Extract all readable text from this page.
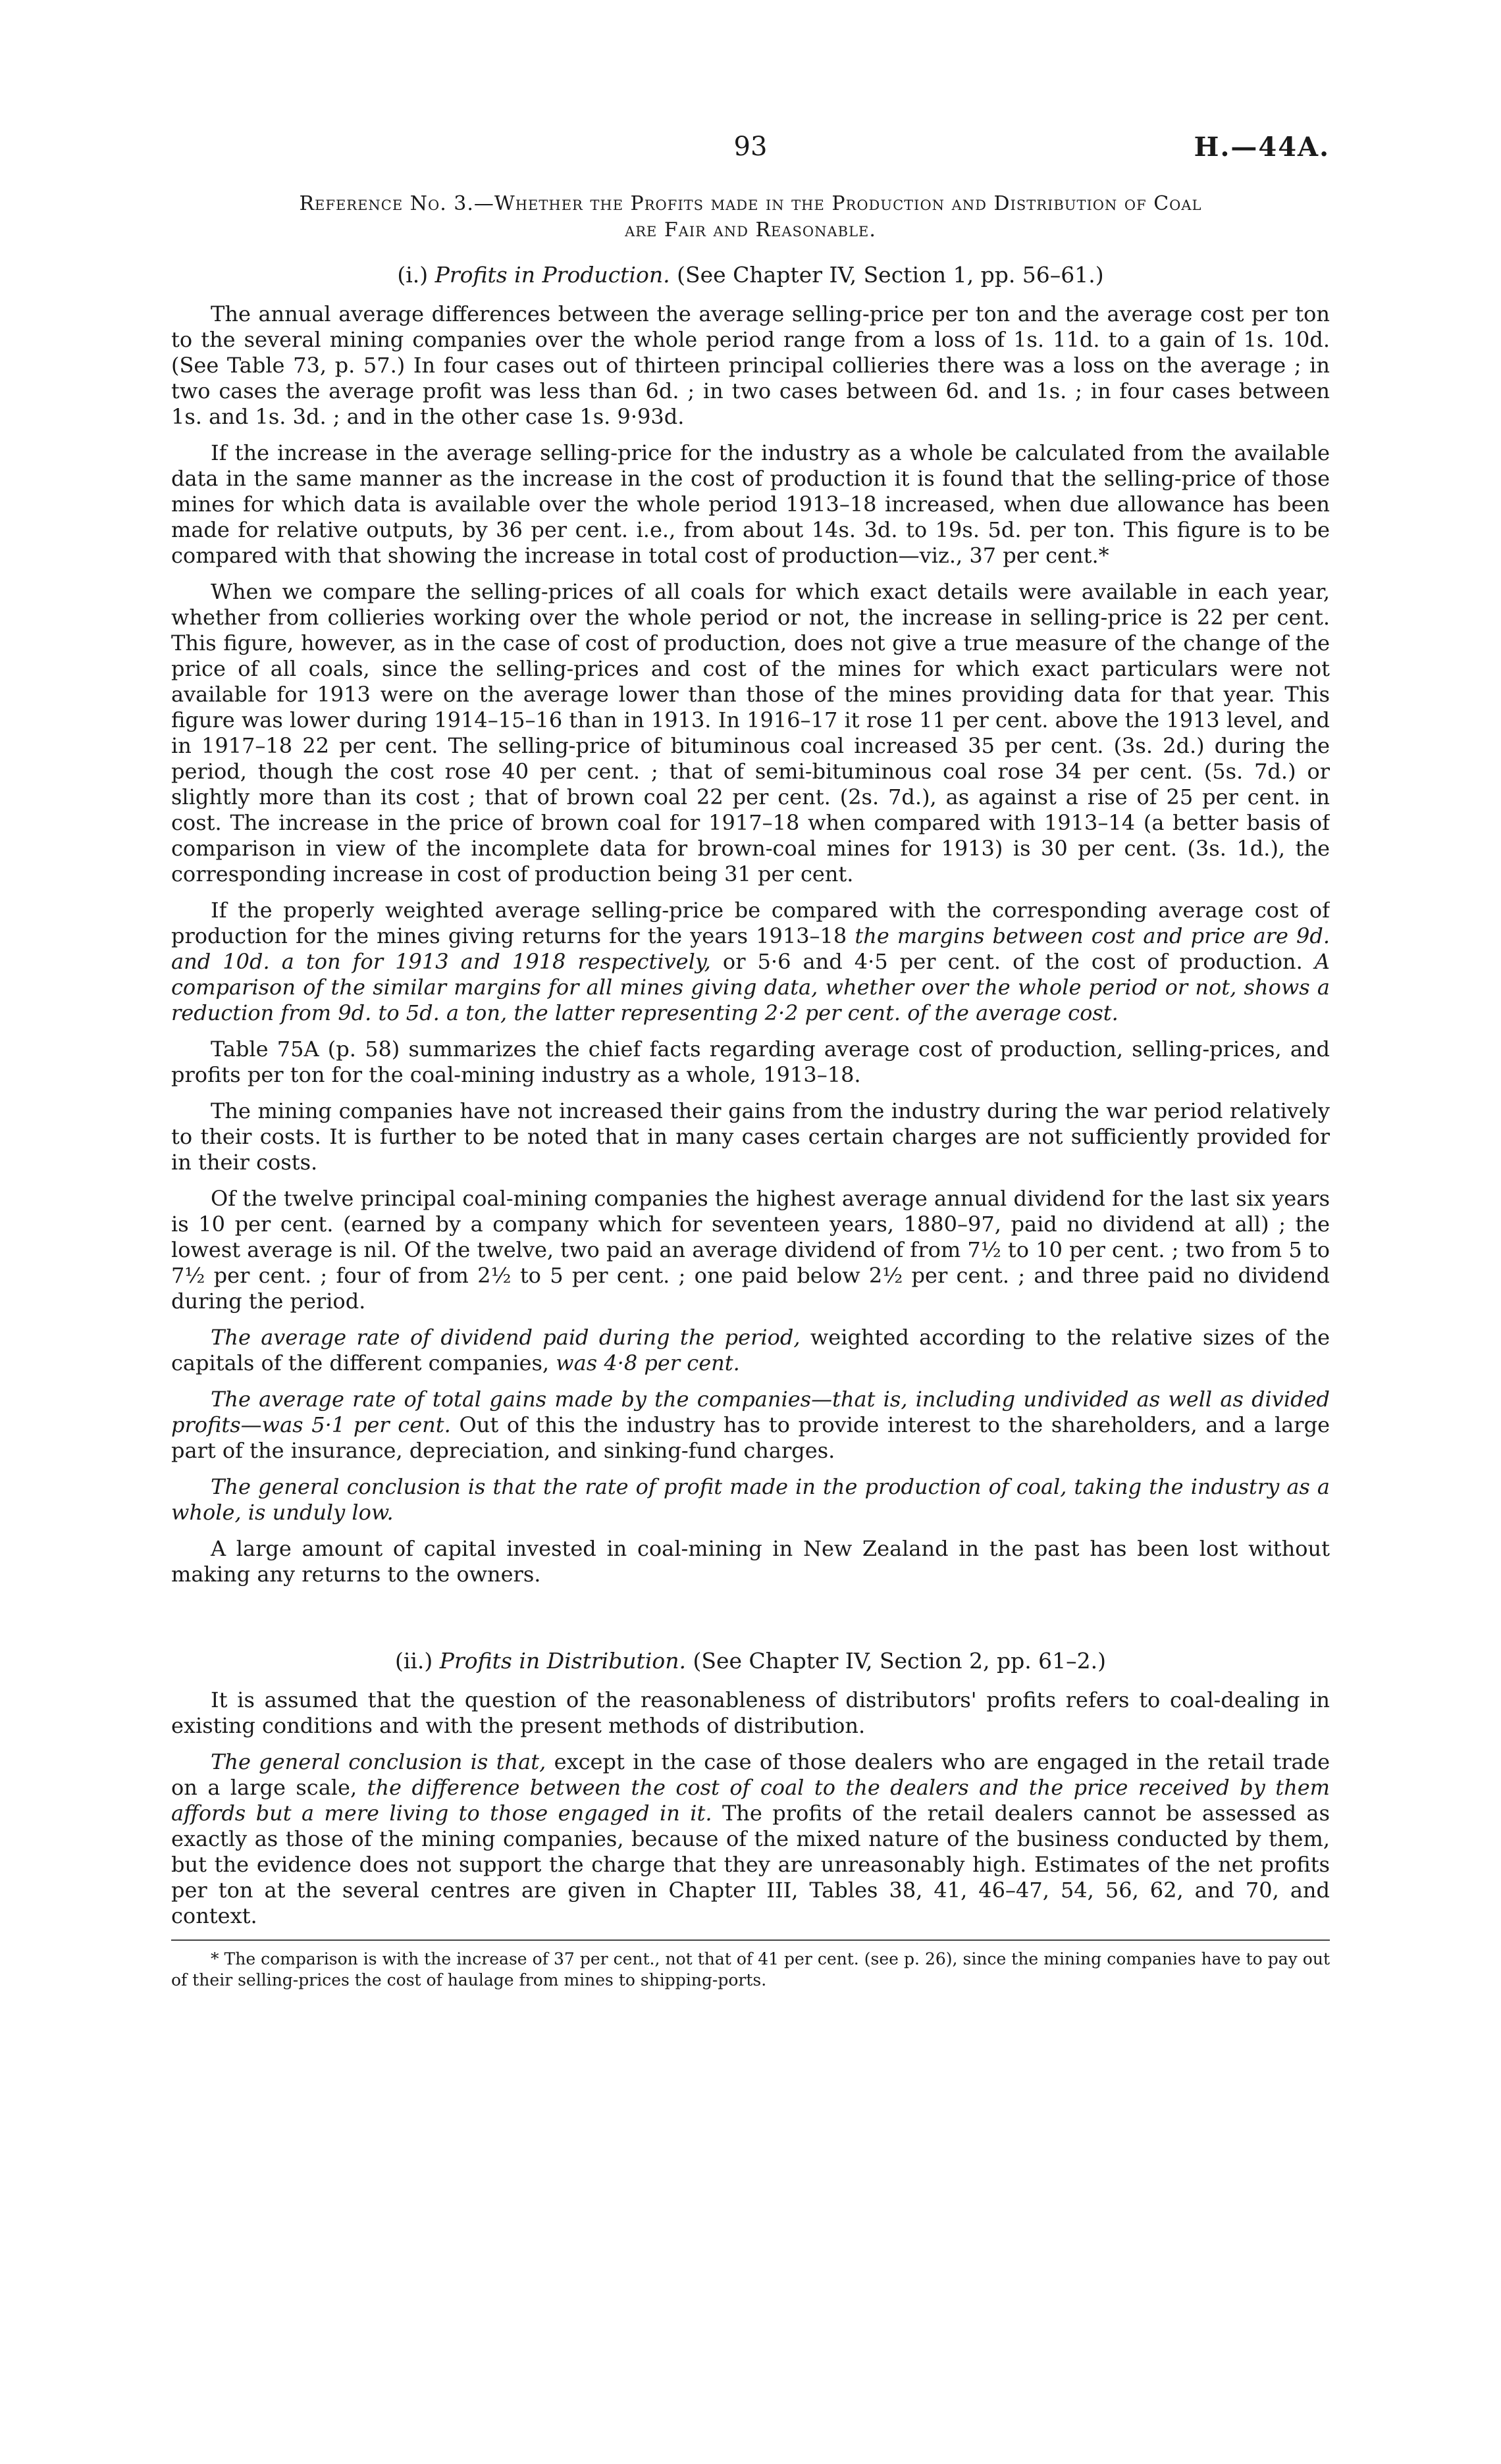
93	H.—44A.
Reference No. 3.—Whether the Profits made in the Production and Distribution of Coal
are Fair and Reasonable.
(i.) Profits in Production. (See Chapter IV, Section 1, pp. 56–61.)

The annual average differences between the average selling-price per ton and the average cost per ton to the several mining companies over the whole period range from a loss of 1s. 11d. to a gain of 1s. 10d. (See Table 73, p. 57.) In four cases out of thirteen principal collieries there was a loss on the average ; in two cases the average profit was less than 6d. ; in two cases between 6d. and 1s. ; in four cases between 1s. and 1s. 3d. ; and in the other case 1s. 9·93d.

If the increase in the average selling-price for the industry as a whole be calculated from the available data in the same manner as the increase in the cost of production it is found that the selling-price of those mines for which data is available over the whole period 1913–18 increased, when due allowance has been made for relative outputs, by 36 per cent. i.e., from about 14s. 3d. to 19s. 5d. per ton. This figure is to be compared with that showing the increase in total cost of production—viz., 37 per cent.*

When we compare the selling-prices of all coals for which exact details were available in each year, whether from collieries working over the whole period or not, the increase in selling-price is 22 per cent. This figure, however, as in the case of cost of production, does not give a true measure of the change of the price of all coals, since the selling-prices and cost of the mines for which exact particulars were not available for 1913 were on the average lower than those of the mines providing data for that year. This figure was lower during 1914–15–16 than in 1913. In 1916–17 it rose 11 per cent. above the 1913 level, and in 1917–18 22 per cent. The selling-price of bituminous coal increased 35 per cent. (3s. 2d.) during the period, though the cost rose 40 per cent. ; that of semi-bituminous coal rose 34 per cent. (5s. 7d.) or slightly more than its cost ; that of brown coal 22 per cent. (2s. 7d.), as against a rise of 25 per cent. in cost. The increase in the price of brown coal for 1917–18 when compared with 1913–14 (a better basis of comparison in view of the incomplete data for brown-coal mines for 1913) is 30 per cent. (3s. 1d.), the corresponding increase in cost of production being 31 per cent.

If the properly weighted average selling-price be compared with the corresponding average cost of production for the mines giving returns for the years 1913–18 the margins between cost and price are 9d. and 10d. a ton for 1913 and 1918 respectively, or 5·6 and 4·5 per cent. of the cost of production. A comparison of the similar margins for all mines giving data, whether over the whole period or not, shows a reduction from 9d. to 5d. a ton, the latter representing 2·2 per cent. of the average cost.

Table 75A (p. 58) summarizes the chief facts regarding average cost of production, selling-prices, and profits per ton for the coal-mining industry as a whole, 1913–18.

The mining companies have not increased their gains from the industry during the war period relatively to their costs. It is further to be noted that in many cases certain charges are not sufficiently provided for in their costs.

Of the twelve principal coal-mining companies the highest average annual dividend for the last six years is 10 per cent. (earned by a company which for seventeen years, 1880–97, paid no dividend at all) ; the lowest average is nil. Of the twelve, two paid an average dividend of from 7½ to 10 per cent. ; two from 5 to 7½ per cent. ; four of from 2½ to 5 per cent. ; one paid below 2½ per cent. ; and three paid no dividend during the period.

The average rate of dividend paid during the period, weighted according to the relative sizes of the capitals of the different companies, was 4·8 per cent.

The average rate of total gains made by the companies—that is, including undivided as well as divided profits—was 5·1 per cent. Out of this the industry has to provide interest to the shareholders, and a large part of the insurance, depreciation, and sinking-fund charges.

The general conclusion is that the rate of profit made in the production of coal, taking the industry as a whole, is unduly low.

A large amount of capital invested in coal-mining in New Zealand in the past has been lost without making any returns to the owners.

(ii.) Profits in Distribution. (See Chapter IV, Section 2, pp. 61–2.)

It is assumed that the question of the reasonableness of distributors' profits refers to coal-dealing in existing conditions and with the present methods of distribution.

The general conclusion is that, except in the case of those dealers who are engaged in the retail trade on a large scale, the difference between the cost of coal to the dealers and the price received by them affords but a mere living to those engaged in it. The profits of the retail dealers cannot be assessed as exactly as those of the mining companies, because of the mixed nature of the business conducted by them, but the evidence does not support the charge that they are unreasonably high. Estimates of the net profits per ton at the several centres are given in Chapter III, Tables 38, 41, 46–47, 54, 56, 62, and 70, and context.

* The comparison is with the increase of 37 per cent., not that of 41 per cent. (see p. 26), since the mining companies have to pay out of their selling-prices the cost of haulage from mines to shipping-ports.
